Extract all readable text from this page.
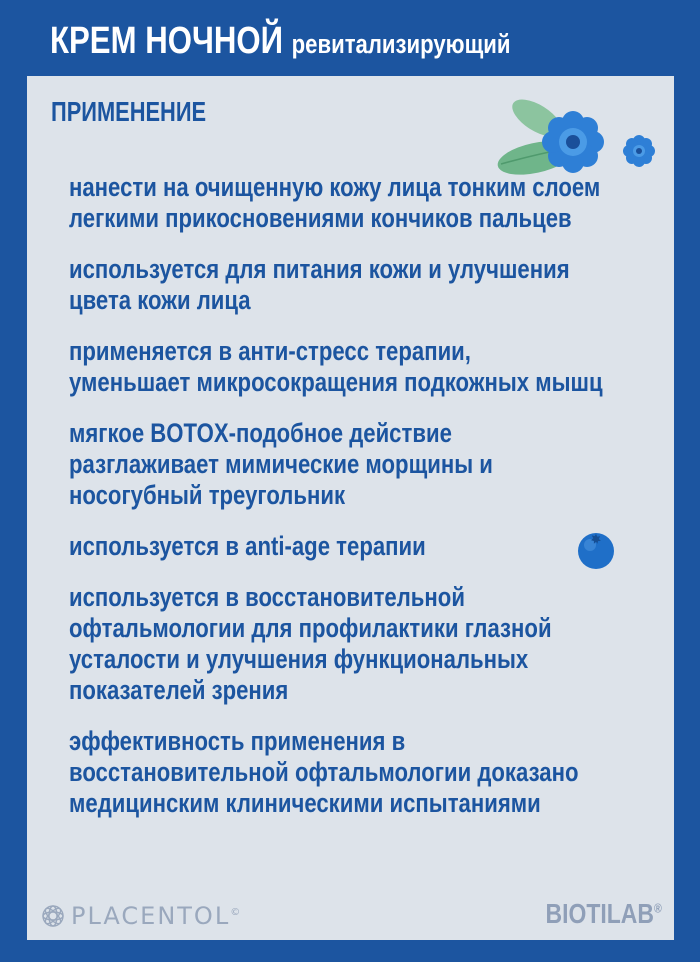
КРЕМ НОЧНОЙ ревитализирующий
ПРИМЕНЕНИЕ
нанести на очищенную кожу лица тонким слоем
легкими прикосновениями кончиков пальцев
используется для питания кожи и улучшения
цвета кожи лица
применяется в анти-стресс терапии,
уменьшает микросокращения подкожных мышц
мягкое BOTOX-подобное действие
разглаживает мимические морщины и
носогубный треугольник
используется в anti-age терапии
используется в восстановительной
офтальмологии для профилактики глазной
усталости и улучшения функциональных
показателей зрения
эффективность применения в
восстановительной офтальмологии доказано
медицинским клиническими испытаниями
PLACENTOL©	BIOTILAB®
